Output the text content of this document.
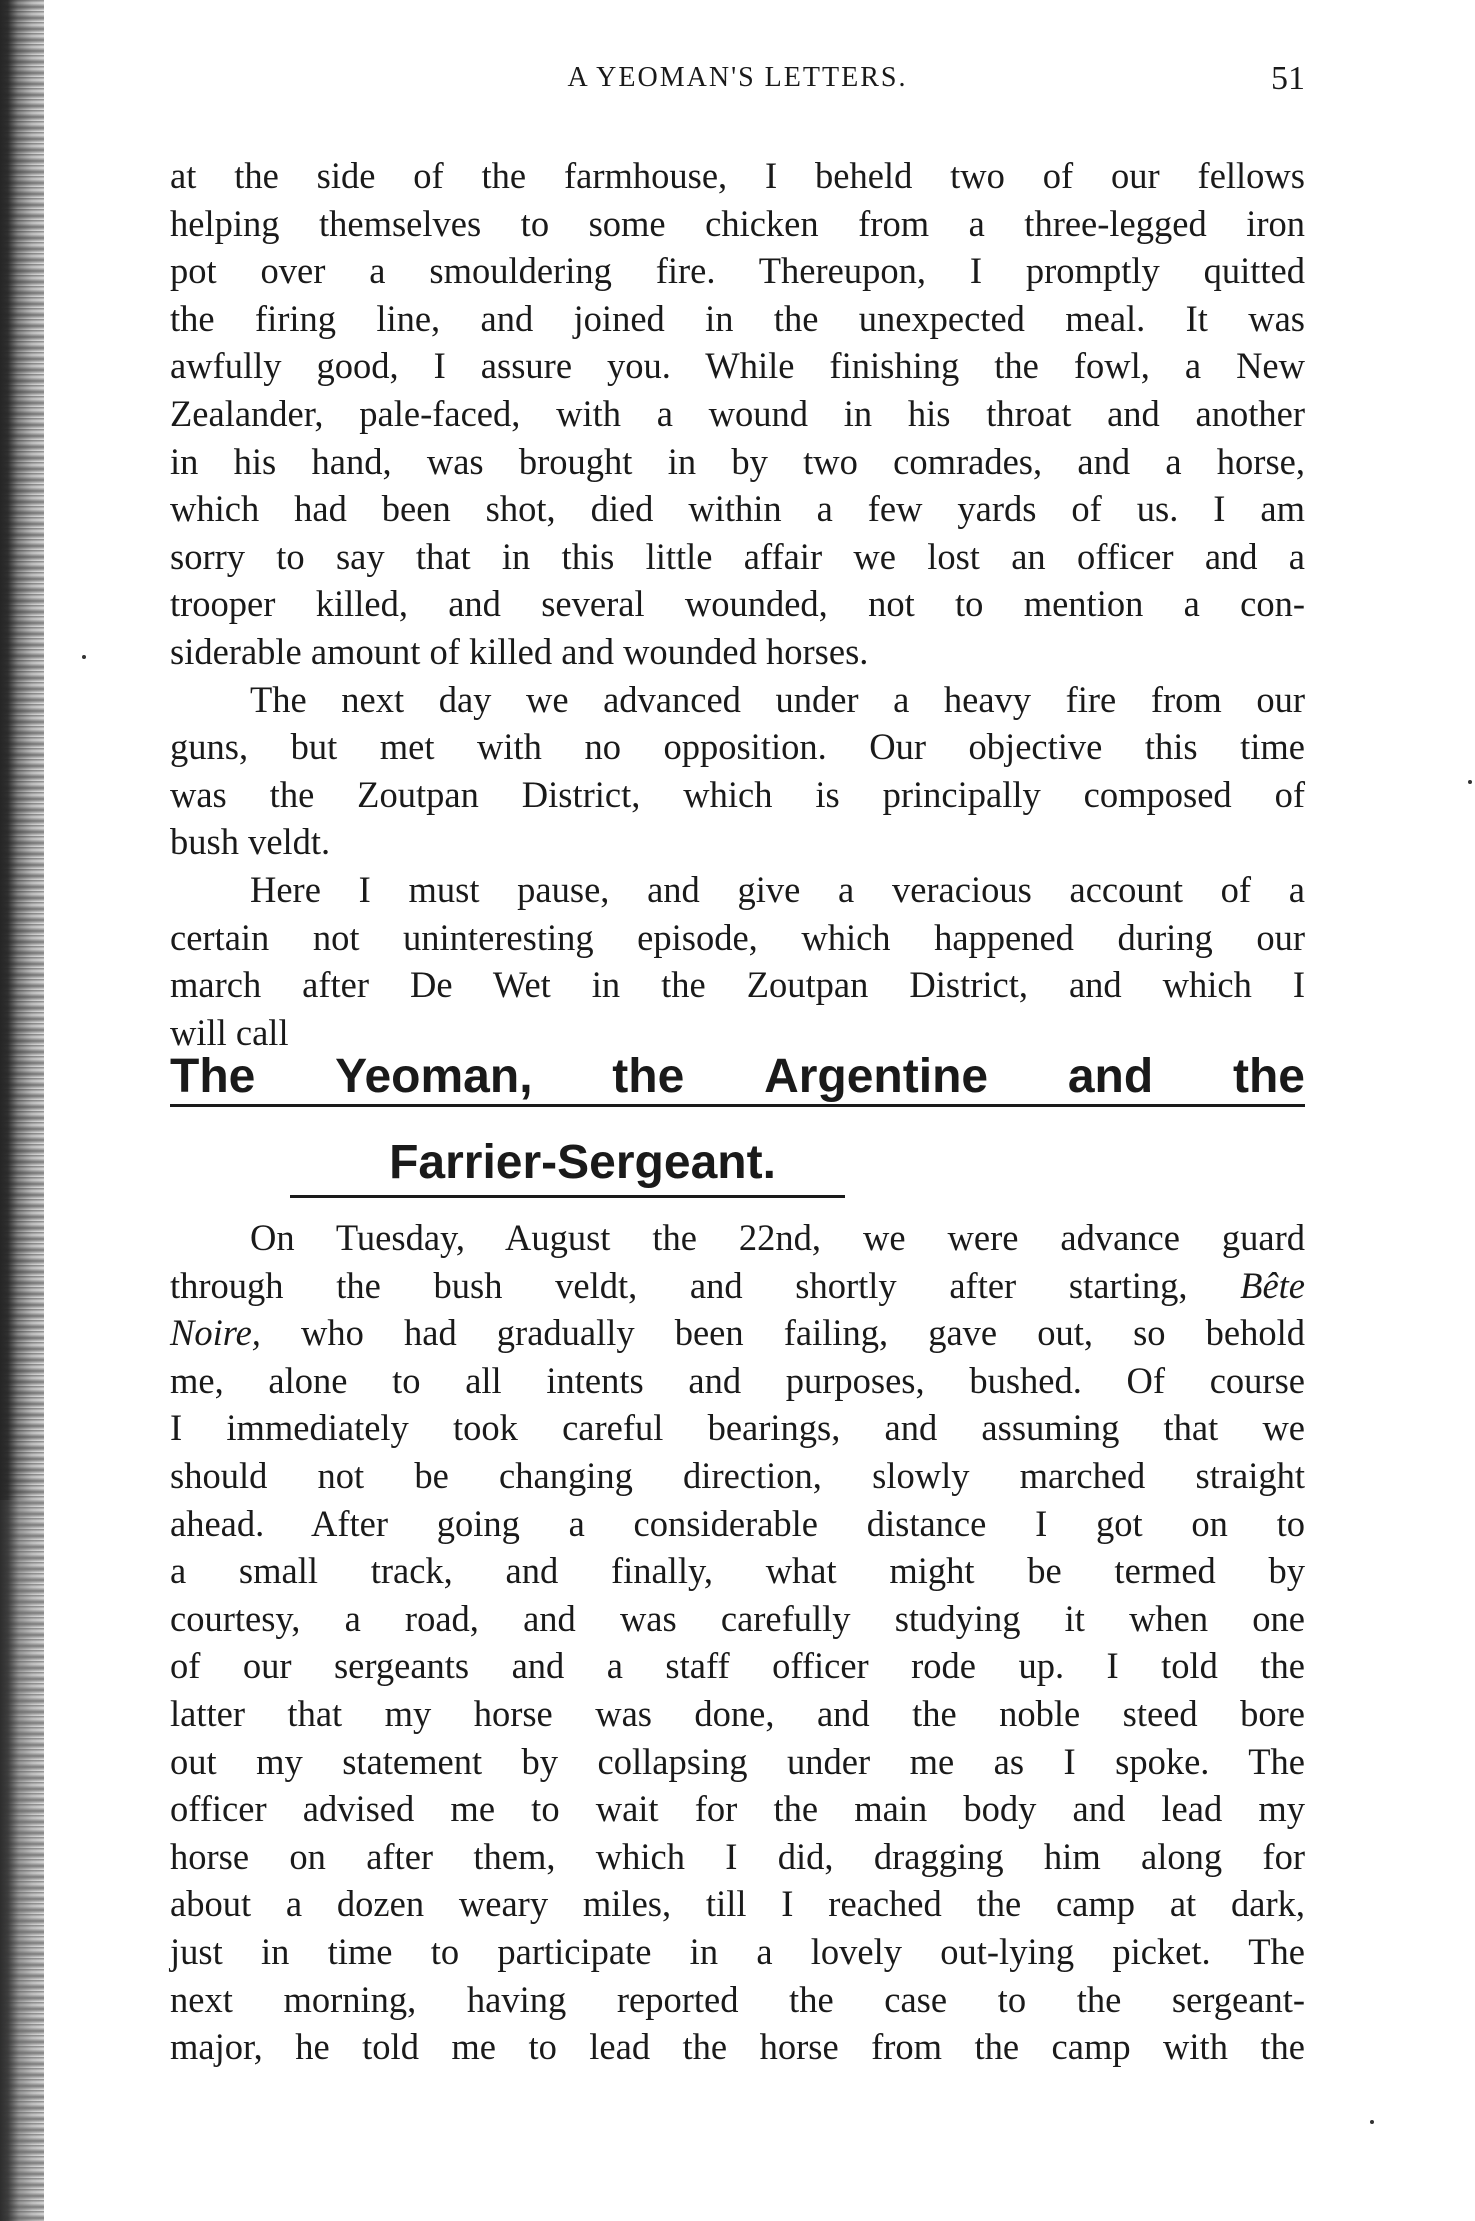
A YEOMAN'S LETTERS.	51

at the side of the farmhouse, I beheld two of our fellows
helping themselves to some chicken from a three-legged iron
pot over a smouldering fire. Thereupon, I promptly quitted
the firing line, and joined in the unexpected meal. It was
awfully good, I assure you. While finishing the fowl, a New
Zealander, pale-faced, with a wound in his throat and another
in his hand, was brought in by two comrades, and a horse,
which had been shot, died within a few yards of us. I am
sorry to say that in this little affair we lost an officer and a
trooper killed, and several wounded, not to mention a con-
siderable amount of killed and wounded horses.

The next day we advanced under a heavy fire from our
guns, but met with no opposition. Our objective this time
was the Zoutpan District, which is principally composed of
bush veldt.

Here I must pause, and give a veracious account of a
certain not uninteresting episode, which happened during our
march after De Wet in the Zoutpan District, and which I
will call

The Yeoman, the Argentine and the
Farrier-Sergeant.

On Tuesday, August the 22nd, we were advance guard
through the bush veldt, and shortly after starting, Bête
Noire, who had gradually been failing, gave out, so behold
me, alone to all intents and purposes, bushed. Of course
I immediately took careful bearings, and assuming that we
should not be changing direction, slowly marched straight
ahead. After going a considerable distance I got on to
a small track, and finally, what might be termed by
courtesy, a road, and was carefully studying it when one
of our sergeants and a staff officer rode up. I told the
latter that my horse was done, and the noble steed bore
out my statement by collapsing under me as I spoke. The
officer advised me to wait for the main body and lead my
horse on after them, which I did, dragging him along for
about a dozen weary miles, till I reached the camp at dark,
just in time to participate in a lovely out-lying picket. The
next morning, having reported the case to the sergeant-
major, he told me to lead the horse from the camp with the
